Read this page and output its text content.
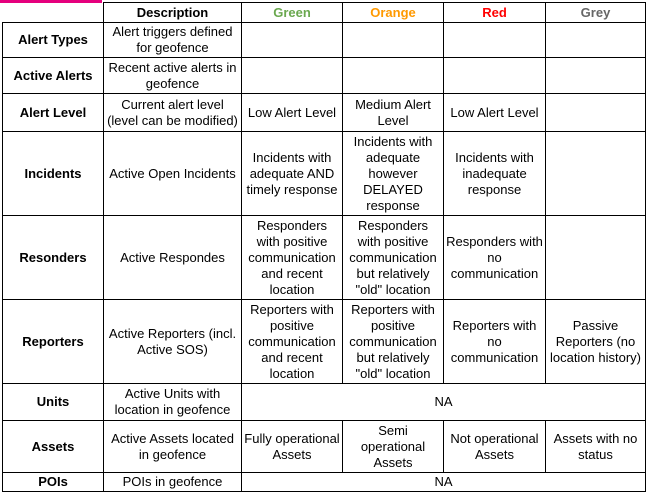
	Description	Green	Orange	Red	Grey
Alert Types	Alert triggers defined for geofence				
Active Alerts	Recent active alerts in geofence				
Alert Level	Current alert level (level can be modified)	Low Alert Level	Medium Alert Level	Low Alert Level	
Incidents	Active Open Incidents	Incidents with adequate AND timely response	Incidents with adequate however DELAYED response	Incidents with inadequate response	
Resonders	Active Respondes	Responders with positive communication and recent location	Responders with positive communication but relatively "old" location	Responders with no communication	
Reporters	Active Reporters (incl. Active SOS)	Reporters with positive communication and recent location	Reporters with positive communication but relatively "old" location	Reporters with no communication	Passive Reporters (no location history)
Units	Active Units with location in geofence	NA			
Assets	Active Assets located in geofence	Fully operational Assets	Semi operational Assets	Not operational Assets	Assets with no status
POIs	POIs in geofence	NA			
